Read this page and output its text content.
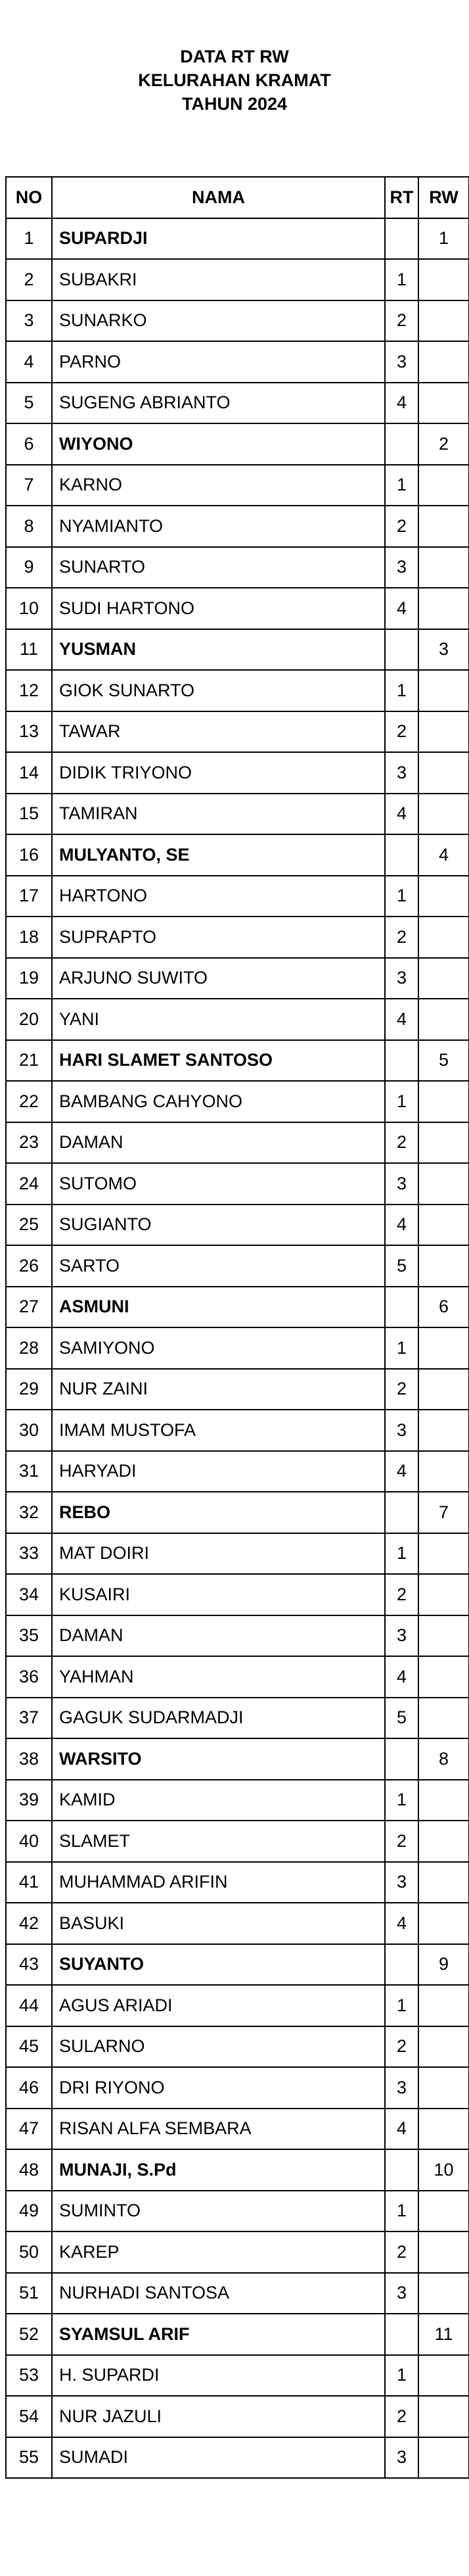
DATA RT RW
KELURAHAN KRAMAT
TAHUN 2024
NO	NAMA	RT	RW
1	SUPARDJI		1
2	SUBAKRI	1	
3	SUNARKO	2	
4	PARNO	3	
5	SUGENG ABRIANTO	4	
6	WIYONO		2
7	KARNO	1	
8	NYAMIANTO	2	
9	SUNARTO	3	
10	SUDI HARTONO	4	
11	YUSMAN		3
12	GIOK SUNARTO	1	
13	TAWAR	2	
14	DIDIK TRIYONO	3	
15	TAMIRAN	4	
16	MULYANTO, SE		4
17	HARTONO	1	
18	SUPRAPTO	2	
19	ARJUNO SUWITO	3	
20	YANI	4	
21	HARI SLAMET SANTOSO		5
22	BAMBANG CAHYONO	1	
23	DAMAN	2	
24	SUTOMO	3	
25	SUGIANTO	4	
26	SARTO	5	
27	ASMUNI		6
28	SAMIYONO	1	
29	NUR ZAINI	2	
30	IMAM MUSTOFA	3	
31	HARYADI	4	
32	REBO		7
33	MAT DOIRI	1	
34	KUSAIRI	2	
35	DAMAN	3	
36	YAHMAN	4	
37	GAGUK SUDARMADJI	5	
38	WARSITO		8
39	KAMID	1	
40	SLAMET	2	
41	MUHAMMAD ARIFIN	3	
42	BASUKI	4	
43	SUYANTO		9
44	AGUS ARIADI	1	
45	SULARNO	2	
46	DRI RIYONO	3	
47	RISAN ALFA SEMBARA	4	
48	MUNAJI, S.Pd		10
49	SUMINTO	1	
50	KAREP	2	
51	NURHADI SANTOSA	3	
52	SYAMSUL ARIF		11
53	H. SUPARDI	1	
54	NUR JAZULI	2	
55	SUMADI	3	
